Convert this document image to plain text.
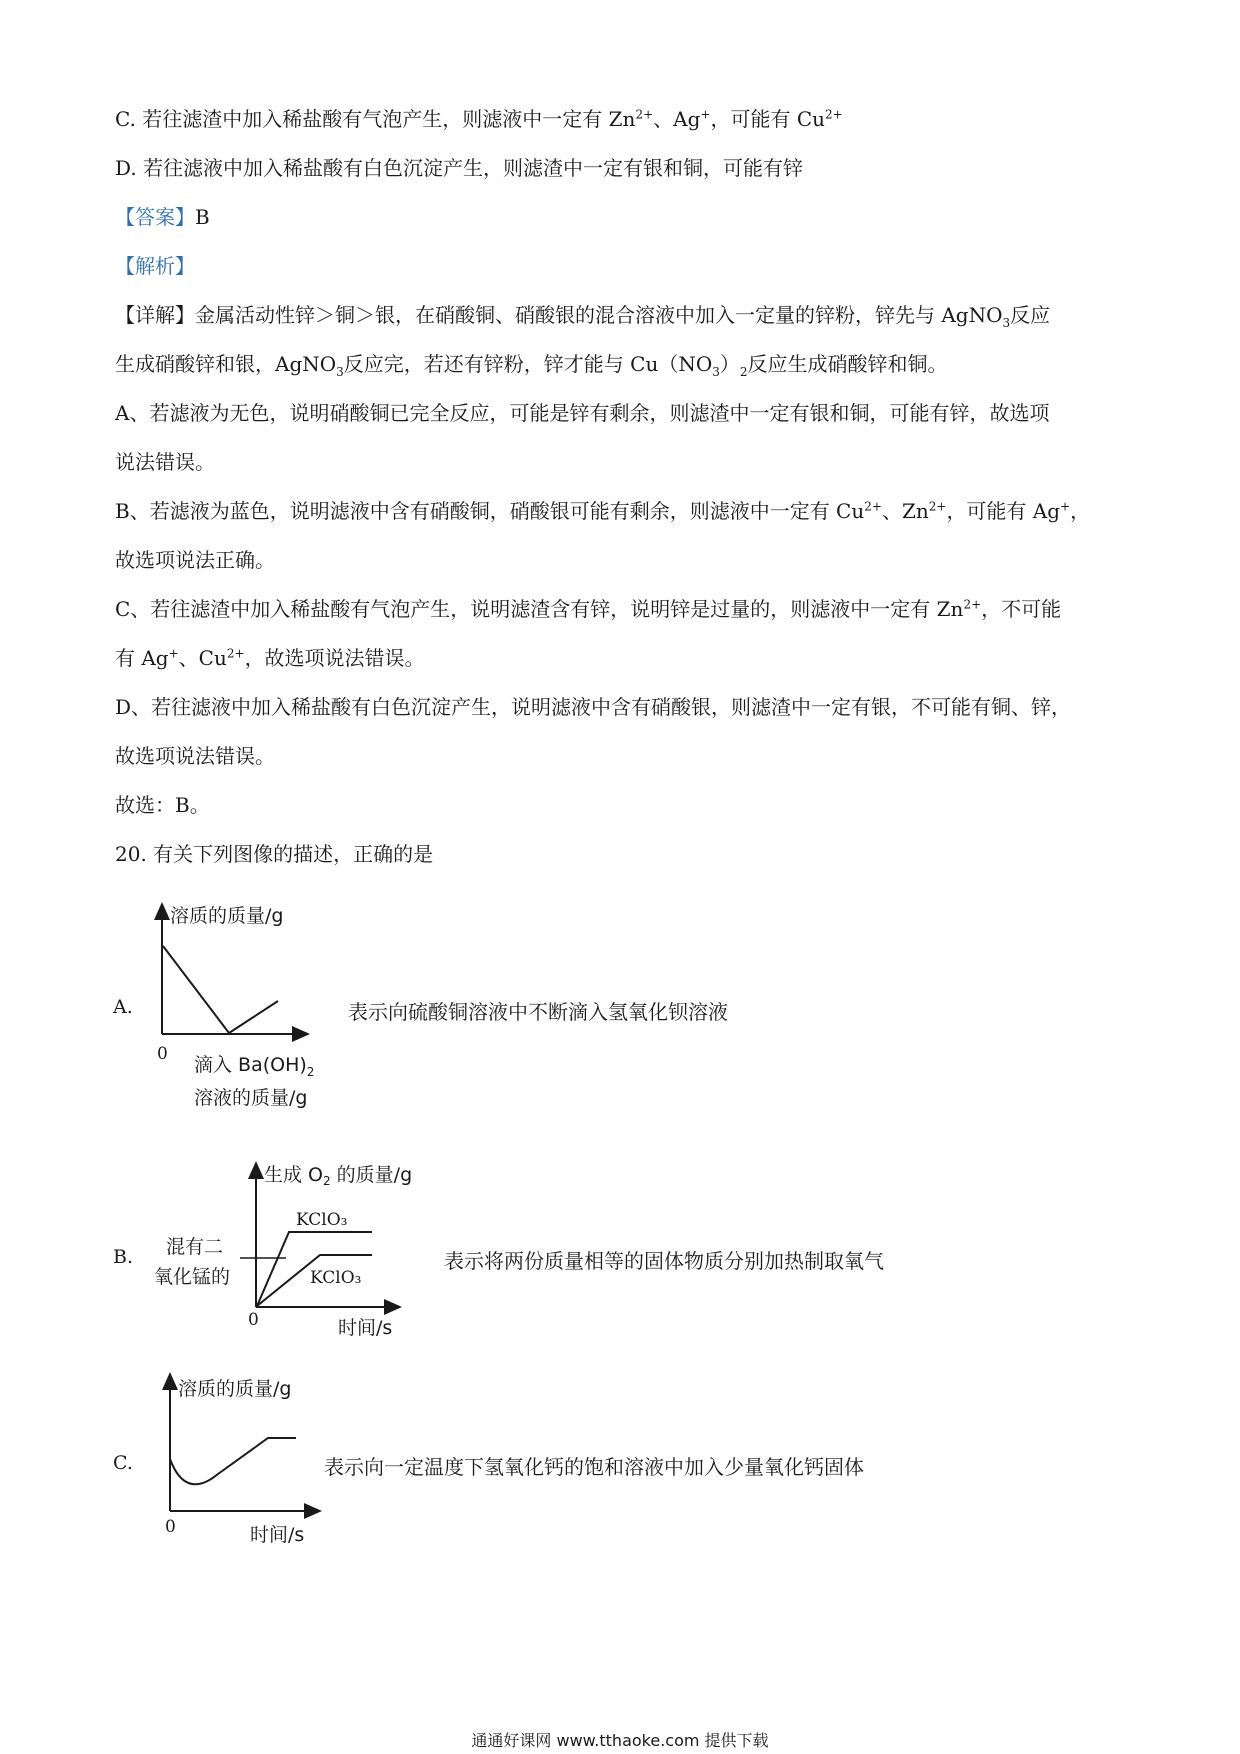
C. 若往滤渣中加入稀盐酸有气泡产生，则滤液中一定有 $Zn^{2+}$、Ag+，可能有 $Cu^{2+}$
D. 若往滤液中加入稀盐酸有白色沉淀产生，则滤渣中一定有银和铜，可能有锌
【答案】B
【解析】
【详解】金属活动性锌＞铜＞银，在硝酸铜、硝酸银的混合溶液中加入一定量的锌粉，锌先与 AgNO$_3$反应
生成硝酸锌和银，AgNO$_3$反应完，若还有锌粉，锌才能与 $Cu(NO_3)_2$反应生成硝酸锌和铜。
A、若滤液为无色，说明硝酸铜已完全反应，可能是锌有剩余，则滤渣中一定有银和铜，可能有锌，故选项
说法错误。
B、若滤液为蓝色，说明滤液中含有硝酸铜，硝酸银可能有剩余，则滤液中一定有 $Cu^{2+}$、$Zn^{2+}$，可能有 Ag+，
故选项说法正确。
C、若往滤渣中加入稀盐酸有气泡产生，说明滤渣含有锌，说明锌是过量的，则滤液中一定有 $Zn^{2+}$，不可能
有 Ag+、$Cu^{2+}$，故选项说法错误。
D、若往滤液中加入稀盐酸有白色沉淀产生，说明滤液中含有硝酸银，则滤渣中一定有银，不可能有铜、锌，
故选项说法错误。
故选：B。
20. 有关下列图像的描述，正确的是
A.
溶质的质量/g
0 滴入 $Ba(OH)_2$
溶液的质量/g
表示向硫酸铜溶液中不断滴入氢氧化钡溶液
B. 混有二
氧化锰的
生成 $O_2$ 的质量/g
KClO₃
KClO₃
0	时间/s
表示将两份质量相等的固体物质分别加热制取氧气
C.
溶质的质量/g
0	时间/s
表示向一定温度下氢氧化钙的饱和溶液中加入少量氧化钙固体
通通好课网 www.tthaoke.com 提供下载
